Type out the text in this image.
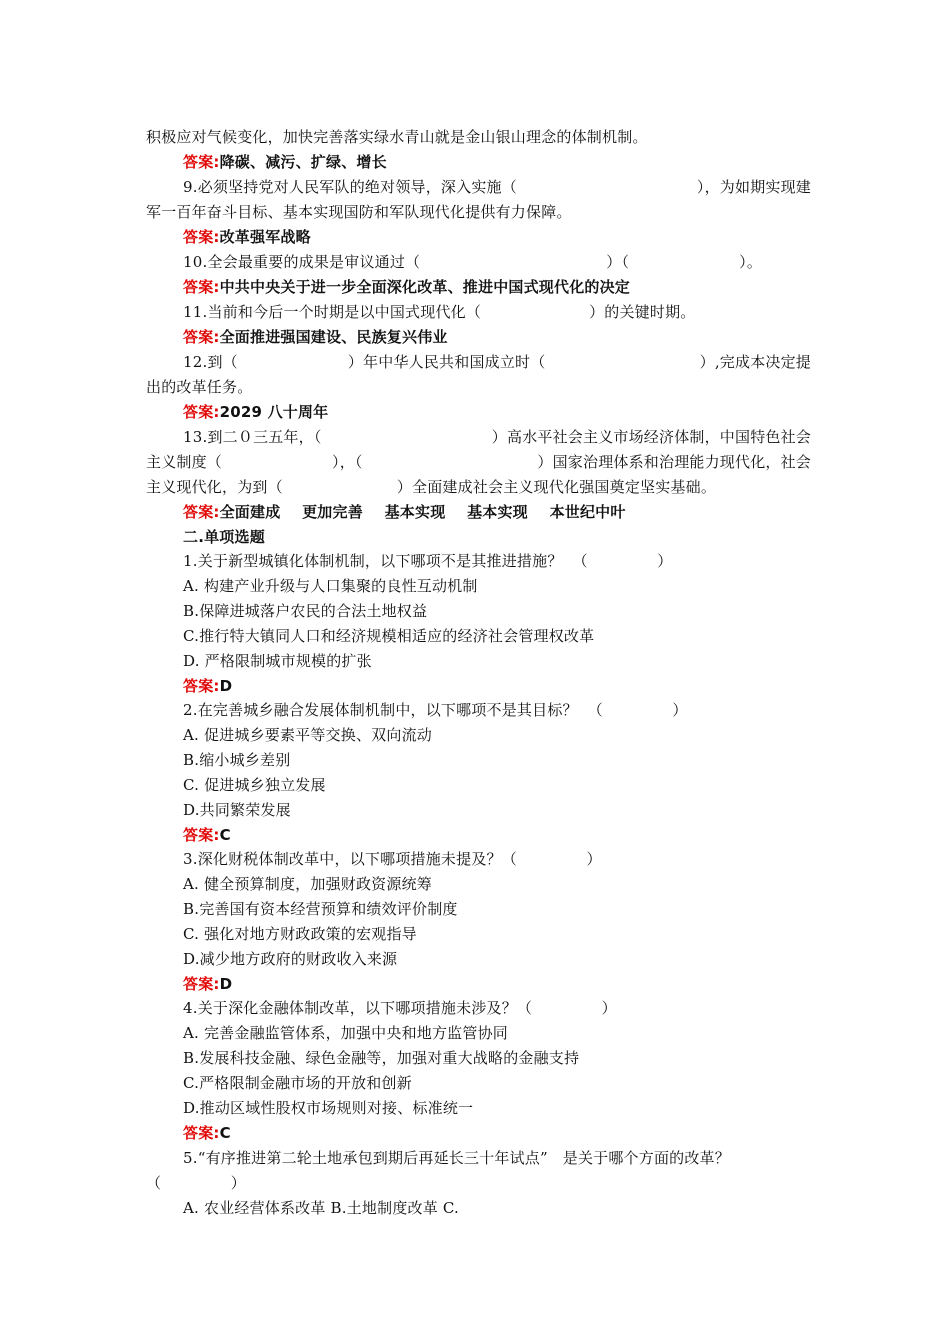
积极应对气候变化，加快完善落实绿水青山就是金山银山理念的体制机制。
答案:降碳、减污、扩绿、增长
9.必须坚持党对人民军队的绝对领导，深入实施（	），为如期实现建
军一百年奋斗目标、基本实现国防和军队现代化提供有力保障。
答案:改革强军战略
10.全会最重要的成果是审议通过（	）（	）。
答案:中共中央关于进一步全面深化改革、推进中国式现代化的决定
11.当前和今后一个时期是以中国式现代化（	）的关键时期。
答案:全面推进强国建设、民族复兴伟业
12.到（	）年中华人民共和国成立时（	）,完成本决定提
出的改革任务。
答案:2029 八十周年
13.到二０三五年，（	）高水平社会主义市场经济体制，中国特色社会
主义制度（	），（	）国家治理体系和治理能力现代化，社会
主义现代化，为到（	）全面建成社会主义现代化强国奠定坚实基础。
答案:全面建成    更加完善    基本实现    基本实现    本世纪中叶
二.单项选题
1.关于新型城镇化体制机制，以下哪项不是其推进措施？  （              ）
A. 构建产业升级与人口集聚的良性互动机制
B.保障进城落户农民的合法土地权益
C.推行特大镇同人口和经济规模相适应的经济社会管理权改革
D. 严格限制城市规模的扩张
答案:D
2.在完善城乡融合发展体制机制中，以下哪项不是其目标？  （              ）
A. 促进城乡要素平等交换、双向流动
B.缩小城乡差别
C. 促进城乡独立发展
D.共同繁荣发展
答案:C
3.深化财税体制改革中，以下哪项措施未提及？（              ）
A. 健全预算制度，加强财政资源统筹
B.完善国有资本经营预算和绩效评价制度
C. 强化对地方财政政策的宏观指导
D.减少地方政府的财政收入来源
答案:D
4.关于深化金融体制改革，以下哪项措施未涉及？（              ）
A. 完善金融监管体系，加强中央和地方监管协同
B.发展科技金融、绿色金融等，加强对重大战略的金融支持
C.严格限制金融市场的开放和创新
D.推动区域性股权市场规则对接、标准统一
答案:C
5.“有序推进第二轮土地承包到期后再延长三十年试点”   是关于哪个方面的改革？
（              ）
A. 农业经营体系改革 B.土地制度改革 C.
